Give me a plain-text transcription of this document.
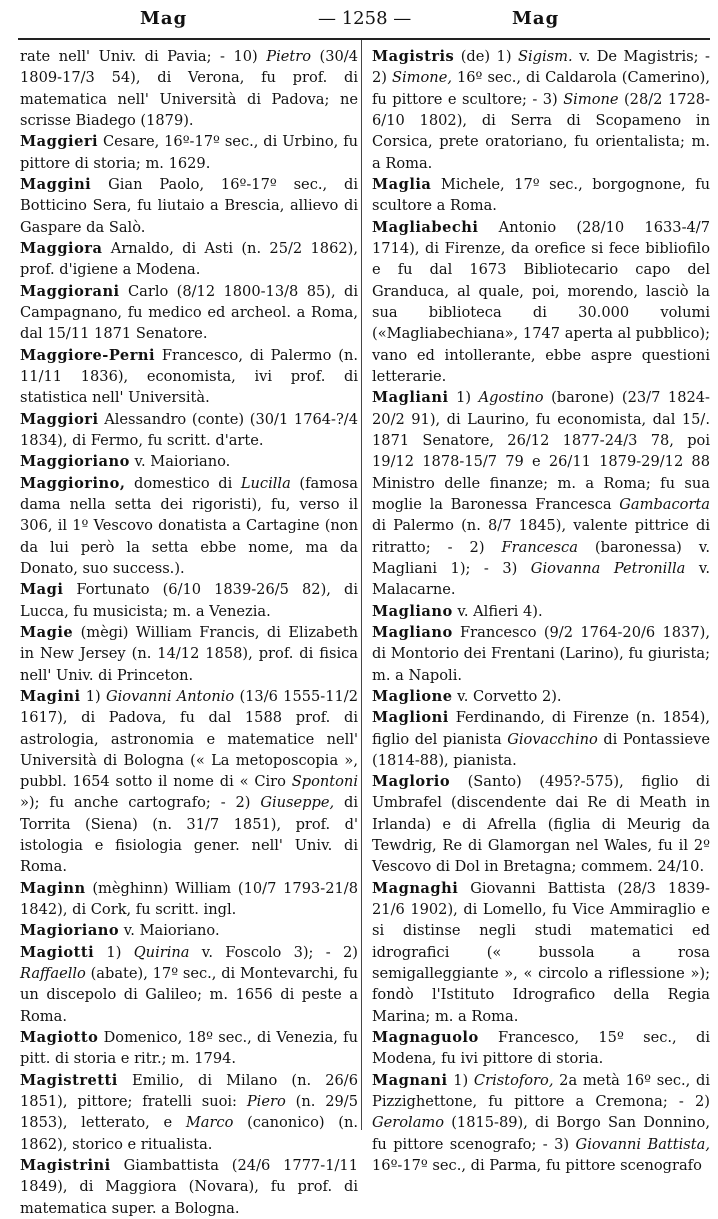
Mag	— 1258 —	Mag

rate nell' Univ. di Pavia; - 10) Pietro (30/4 1809-17/3 54), di Verona, fu prof. di matematica nell' Università di Padova; ne scrisse Biadego (1879).

Maggieri Cesare, 16º-17º sec., di Urbino, fu pittore di storia; m. 1629.

Maggini Gian Paolo, 16º-17º sec., di Botticino Sera, fu liutaio a Brescia, allievo di Gaspare da Salò.

Maggiora Arnaldo, di Asti (n. 25/2 1862), prof. d'igiene a Modena.

Maggiorani Carlo (8/12 1800-13/8 85), di Campagnano, fu medico ed archeol. a Roma, dal 15/11 1871 Senatore.

Maggiore-Perni Francesco, di Palermo (n. 11/11 1836), economista, ivi prof. di statistica nell' Università.

Maggiori Alessandro (conte) (30/1 1764-?/4 1834), di Fermo, fu scritt. d'arte.

Maggioriano v. Maioriano.

Maggiorino, domestico di Lucilla (famosa dama nella setta dei rigoristi), fu, verso il 306, il 1º Vescovo donatista a Cartagine (non da lui però la setta ebbe nome, ma da Donato, suo success.).

Magi Fortunato (6/10 1839-26/5 82), di Lucca, fu musicista; m. a Venezia.

Magie (mègi) William Francis, di Elizabeth in New Jersey (n. 14/12 1858), prof. di fisica nell' Univ. di Princeton.

Magini 1) Giovanni Antonio (13/6 1555-11/2 1617), di Padova, fu dal 1588 prof. di astrologia, astronomia e matematice nell' Università di Bologna (« La metoposcopia », pubbl. 1654 sotto il nome di « Ciro Spontoni »); fu anche cartografo; - 2) Giuseppe, di Torrita (Siena) (n. 31/7 1851), prof. d' istologia e fisiologia gener. nell' Univ. di Roma.

Maginn (mèghinn) William (10/7 1793-21/8 1842), di Cork, fu scritt. ingl.

Magioriano v. Maioriano.

Magiotti 1) Quirina v. Foscolo 3); - 2) Raffaello (abate), 17º sec., di Montevarchi, fu un discepolo di Galileo; m. 1656 di peste a Roma.

Magiotto Domenico, 18º sec., di Venezia, fu pitt. di storia e ritr.; m. 1794.

Magistretti Emilio, di Milano (n. 26/6 1851), pittore; fratelli suoi: Piero (n. 29/5 1853), letterato, e Marco (canonico) (n. 1862), storico e ritualista.

Magistrini Giambattista (24/6 1777-1/11 1849), di Maggiora (Novara), fu prof. di matematica super. a Bologna.

Magistris (de) 1) Sigism. v. De Magistris; - 2) Simone, 16º sec., di Caldarola (Camerino), fu pittore e scultore; - 3) Simone (28/2 1728-6/10 1802), di Serra di Scopameno in Corsica, prete oratoriano, fu orientalista; m. a Roma.

Maglia Michele, 17º sec., borgognone, fu scultore a Roma.

Magliabechi Antonio (28/10 1633-4/7 1714), di Firenze, da orefice si fece bibliofilo e fu dal 1673 Bibliotecario capo del Granduca, al quale, poi, morendo, lasciò la sua biblioteca di 30.000 volumi («Magliabechiana», 1747 aperta al pubblico); vano ed intollerante, ebbe aspre questioni letterarie.

Magliani 1) Agostino (barone) (23/7 1824-20/2 91), di Laurino, fu economista, dal 15/. 1871 Senatore, 26/12 1877-24/3 78, poi 19/12 1878-15/7 79 e 26/11 1879-29/12 88 Ministro delle finanze; m. a Roma; fu sua moglie la Baronessa Francesca Gambacorta di Palermo (n. 8/7 1845), valente pittrice di ritratto; - 2) Francesca (baronessa) v. Magliani 1); - 3) Giovanna Petronilla v. Malacarne.

Magliano v. Alfieri 4).

Magliano Francesco (9/2 1764-20/6 1837), di Montorio dei Frentani (Larino), fu giurista; m. a Napoli.

Maglione v. Corvetto 2).

Maglioni Ferdinando, di Firenze (n. 1854), figlio del pianista Giovacchino di Pontassieve (1814-88), pianista.

Maglorio (Santo) (495?-575), figlio di Umbrafel (discendente dai Re di Meath in Irlanda) e di Afrella (figlia di Meurig da Tewdrig, Re di Glamorgan nel Wales, fu il 2º Vescovo di Dol in Bretagna; commem. 24/10.

Magnaghi Giovanni Battista (28/3 1839-21/6 1902), di Lomello, fu Vice Ammiraglio e si distinse negli studi matematici ed idrografici (« bussola a rosa semigalleggiante », « circolo a riflessione »); fondò l'Istituto Idrografico della Regia Marina; m. a Roma.

Magnaguolo Francesco, 15º sec., di Modena, fu ivi pittore di storia.

Magnani 1) Cristoforo, 2a metà 16º sec., di Pizzighettone, fu pittore a Cremona; - 2) Gerolamo (1815-89), di Borgo San Donnino, fu pittore scenografo; - 3) Giovanni Battista, 16º-17º sec., di Parma, fu pittore scenografo
